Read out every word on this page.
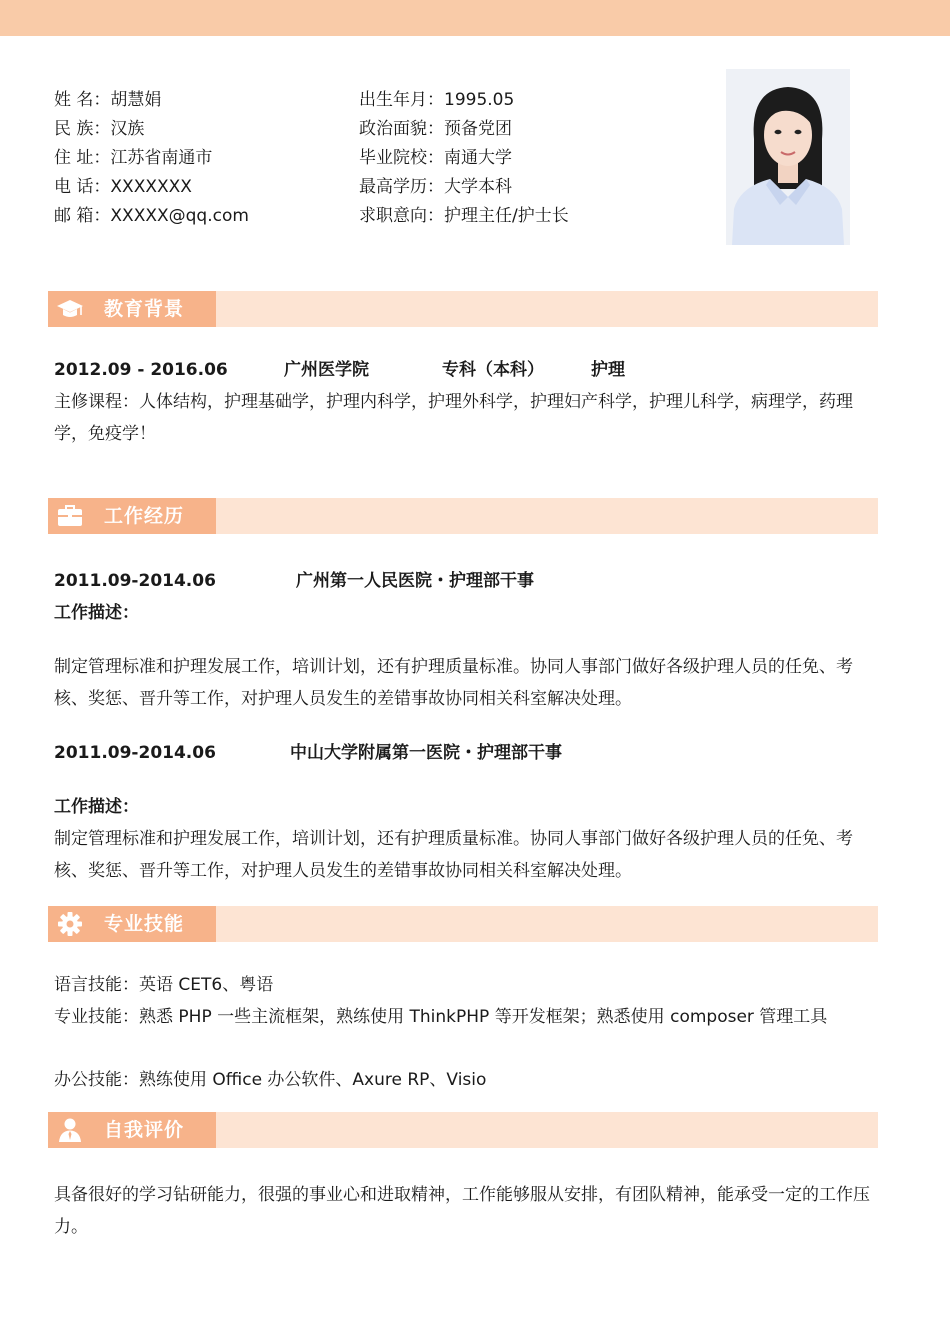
姓 名：胡慧娟
民 族：汉族
住 址：江苏省南通市
电 话：XXXXXXX
邮 箱：XXXXX@qq.com
出生年月：1995.05
政治面貌：预备党团
毕业院校：南通大学
最高学历：大学本科
求职意向：护理主任/护士长
教育背景
2012.09 - 2016.06	广州医学院	专科（本科）	护理
主修课程：人体结构，护理基础学，护理内科学，护理外科学，护理妇产科学，护理儿科学，病理学，药理学，免疫学！
工作经历
2011.09-2014.06	广州第一人民医院・护理部干事
工作描述：
制定管理标准和护理发展工作，培训计划，还有护理质量标准。协同人事部门做好各级护理人员的任免、考核、奖惩、晋升等工作，对护理人员发生的差错事故协同相关科室解决处理。
2011.09-2014.06	中山大学附属第一医院・护理部干事
工作描述：
制定管理标准和护理发展工作，培训计划，还有护理质量标准。协同人事部门做好各级护理人员的任免、考核、奖惩、晋升等工作，对护理人员发生的差错事故协同相关科室解决处理。
专业技能
语言技能：英语 CET6、粤语
专业技能：熟悉 PHP 一些主流框架，熟练使用 ThinkPHP 等开发框架；熟悉使用 composer 管理工具
办公技能：熟练使用 Office 办公软件、Axure RP、Visio
自我评价
具备很好的学习钻研能力，很强的事业心和进取精神，工作能够服从安排，有团队精神，能承受一定的工作压力。
